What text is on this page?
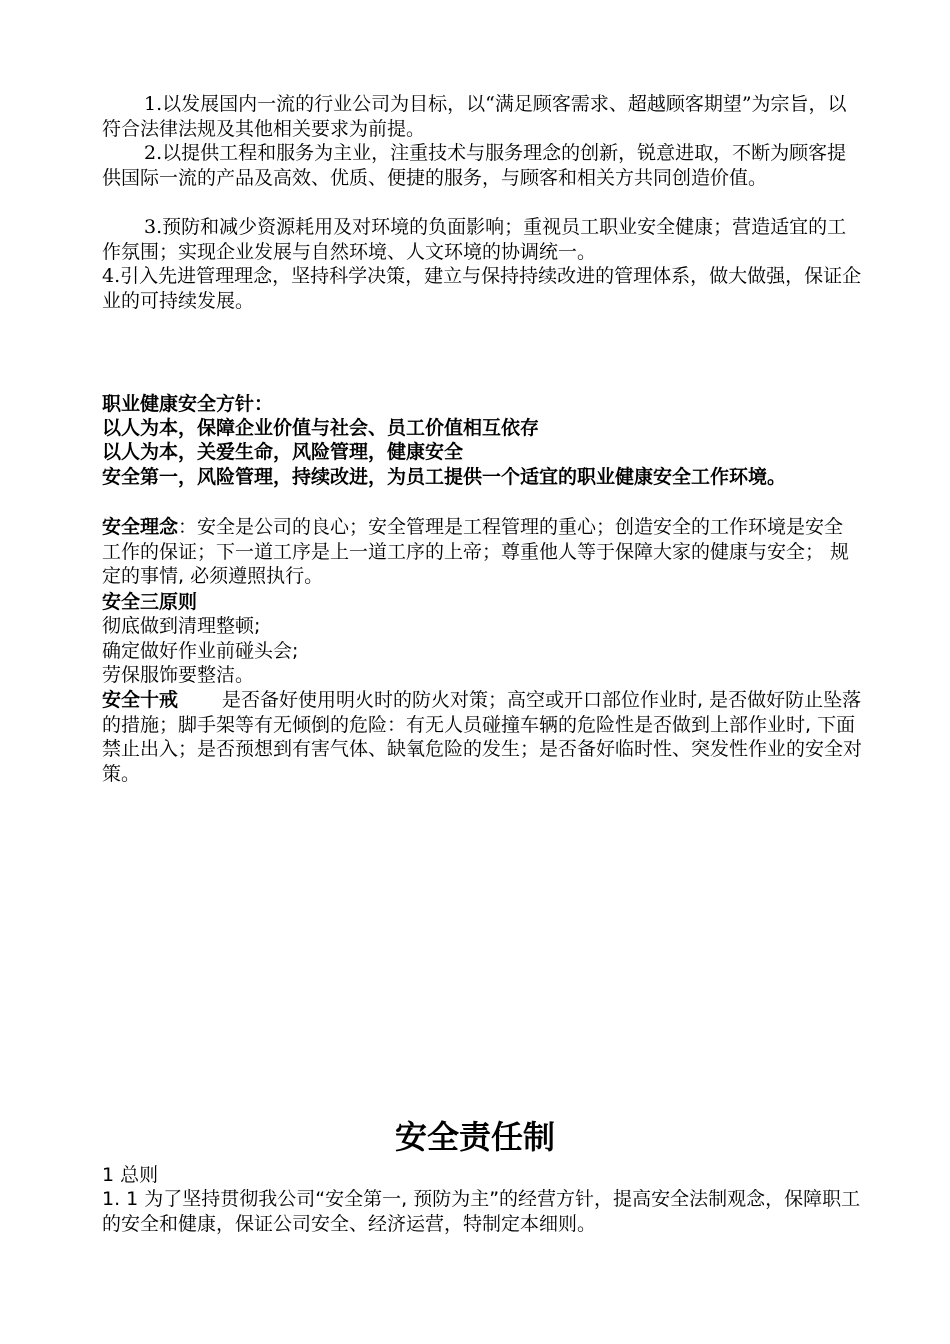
1.以发展国内一流的行业公司为目标，以“满足顾客需求、超越顾客期望”为宗旨，以符合法律法规及其他相关要求为前提。

2.以提供工程和服务为主业，注重技术与服务理念的创新，锐意进取，不断为顾客提供国际一流的产品及高效、优质、便捷的服务，与顾客和相关方共同创造价值。

3.预防和减少资源耗用及对环境的负面影响；重视员工职业安全健康；营造适宜的工作氛围；实现企业发展与自然环境、人文环境的协调统一。

4.引入先进管理理念，坚持科学决策，建立与保持持续改进的管理体系，做大做强，保证企业的可持续发展。

职业健康安全方针：

以人为本，保障企业价值与社会、员工价值相互依存

以人为本，关爱生命，风险管理，健康安全

安全第一，风险管理，持续改进，为员工提供一个适宜的职业健康安全工作环境。

安全理念：安全是公司的良心；安全管理是工程管理的重心；创造安全的工作环境是安全工作的保证；下一道工序是上一道工序的上帝；尊重他人等于保障大家的健康与安全； 规定的事情, 必须遵照执行。

安全三原则

彻底做到清理整顿;

确定做好作业前碰头会;

劳保服饰要整洁。

安全十戒 是否备好使用明火时的防火对策；高空或开口部位作业时, 是否做好防止坠落的措施；脚手架等有无倾倒的危险：有无人员碰撞车辆的危险性是否做到上部作业时, 下面禁止出入；是否预想到有害气体、缺氧危险的发生；是否备好临时性、突发性作业的安全对策。

安全责任制

1 总则

1. 1 为了坚持贯彻我公司“安全第一, 预防为主”的经营方针，提高安全法制观念，保障职工的安全和健康，保证公司安全、经济运营，特制定本细则。
